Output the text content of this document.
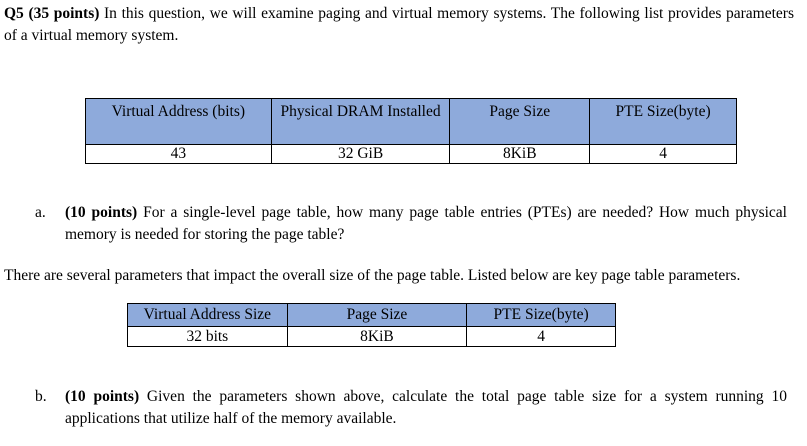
Q5 (35 points) In this question, we will examine paging and virtual memory systems. The following list provides parameters of a virtual memory system.
Virtual Address (bits)	Physical DRAM Installed	Page Size	PTE Size(byte)
43	32 GiB	8KiB	4
a. (10 points) For a single-level page table, how many page table entries (PTEs) are needed? How much physical memory is needed for storing the page table?
There are several parameters that impact the overall size of the page table. Listed below are key page table parameters.
Virtual Address Size	Page Size	PTE Size(byte)
32 bits	8KiB	4
b. (10 points) Given the parameters shown above, calculate the total page table size for a system running 10 applications that utilize half of the memory available.
